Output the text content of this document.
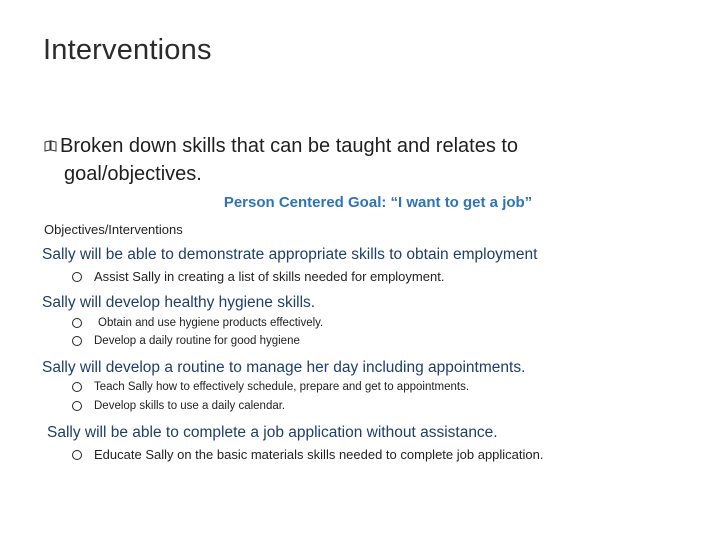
Interventions
Broken down skills that can be taught and relates to
goal/objectives.
Person Centered Goal: “I want to get a job”
Objectives/Interventions
Sally will be able to demonstrate appropriate skills to obtain employment
Assist Sally in creating a list of skills needed for employment.
Sally will develop healthy hygiene skills.
Obtain and use hygiene products effectively.
Develop a daily routine for good hygiene
Sally will develop a routine to manage her day including appointments.
Teach Sally how to effectively schedule, prepare and get to appointments.
Develop skills to use a daily calendar.
Sally will be able to complete a job application without assistance.
Educate Sally on the basic materials skills needed to complete job application.
